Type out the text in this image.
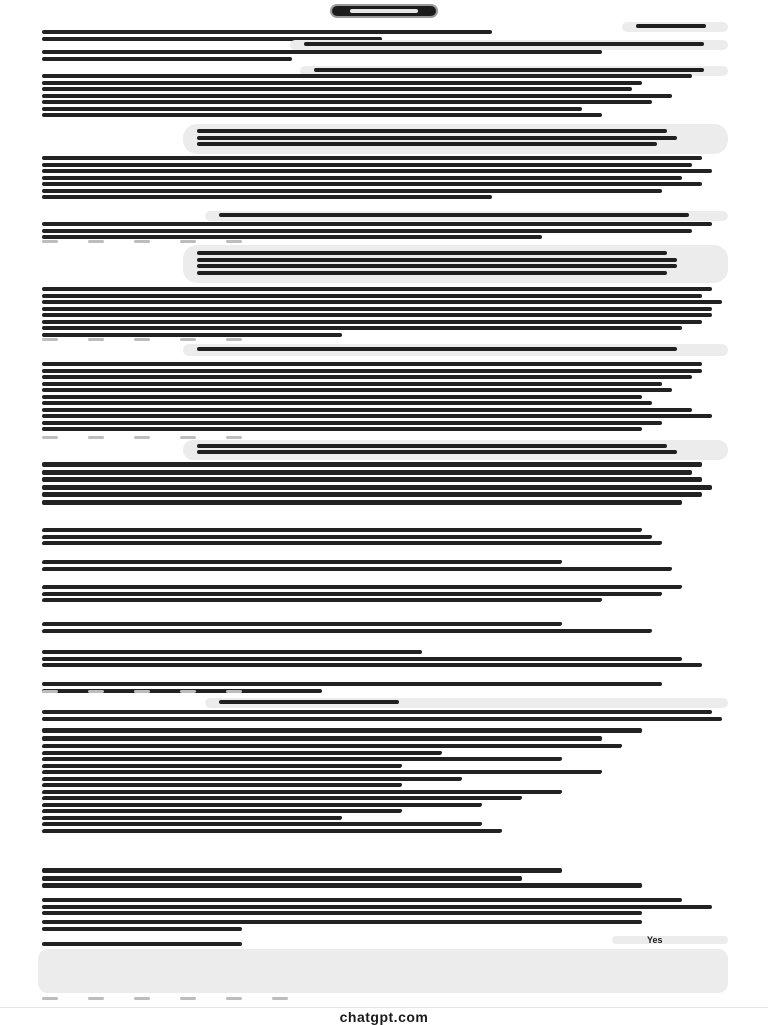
Yes
chatgpt.com
